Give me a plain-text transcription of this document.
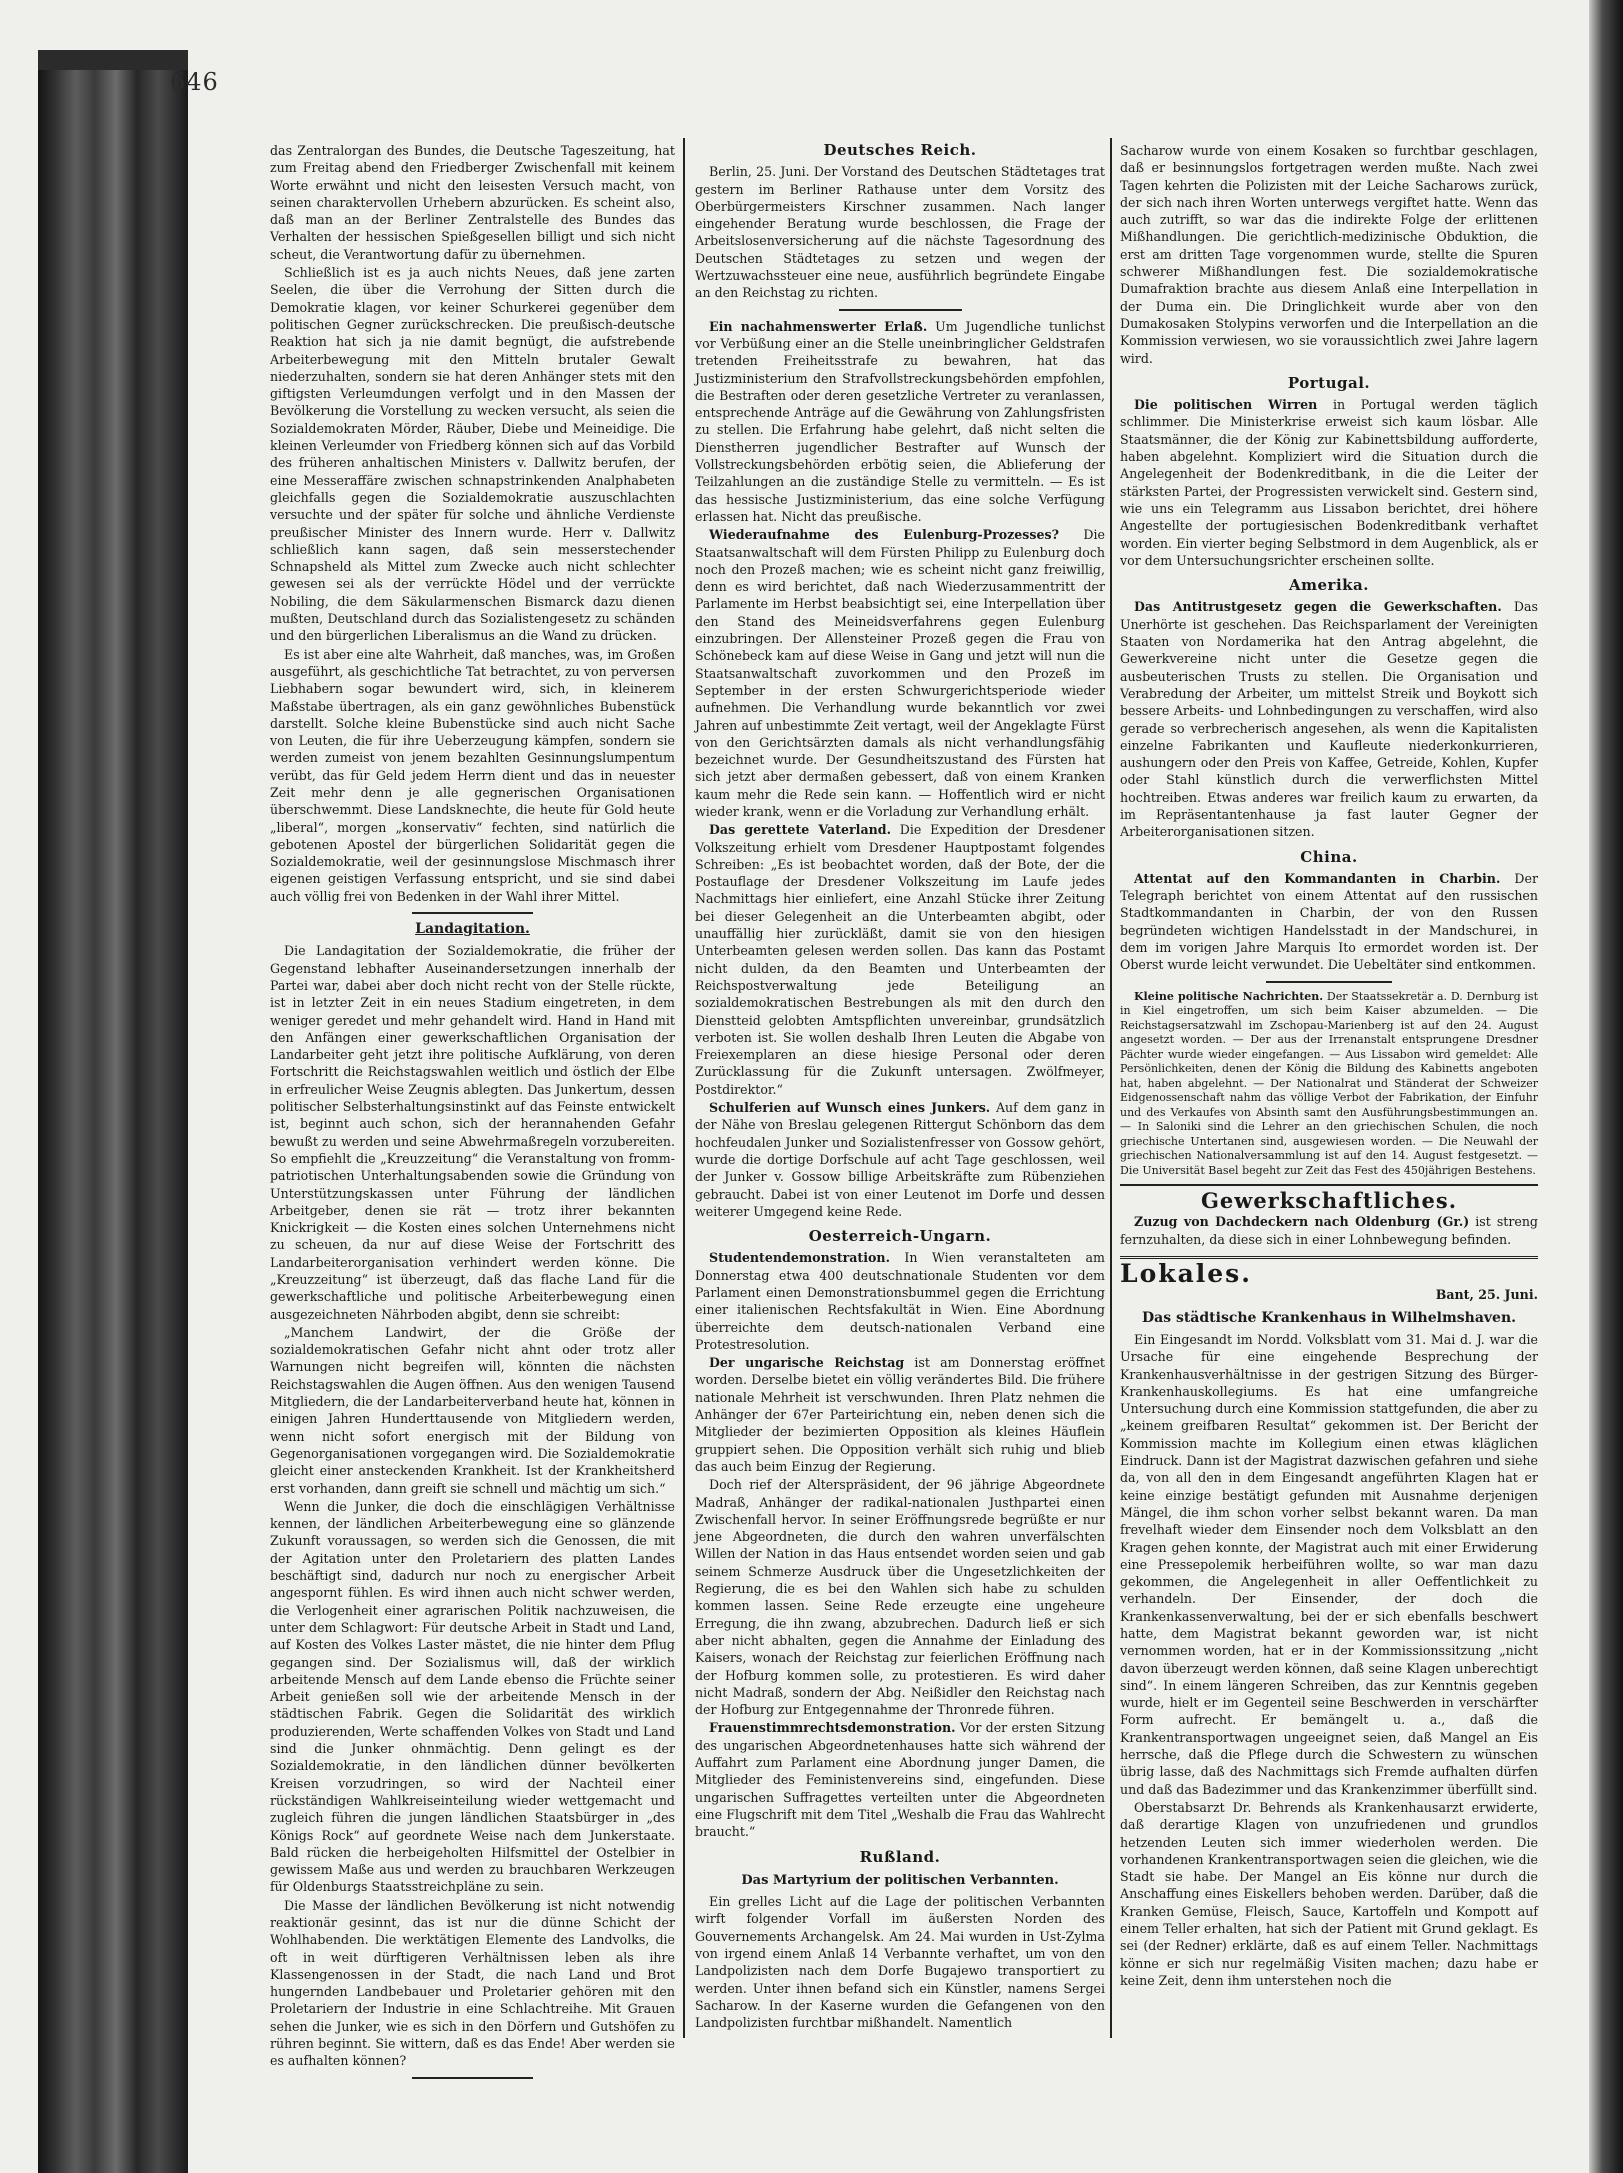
646

das Zentralorgan des Bundes, die Deutsche Tageszeitung, hat zum Freitag abend den Friedberger Zwischenfall mit keinem Worte erwähnt und nicht den leisesten Versuch macht, von seinen charaktervollen Urhebern abzurücken. Es scheint also, daß man an der Berliner Zentralstelle des Bundes das Verhalten der hessischen Spießgesellen billigt und sich nicht scheut, die Verantwortung dafür zu übernehmen.

Schließlich ist es ja auch nichts Neues, daß jene zarten Seelen, die über die Verrohung der Sitten durch die Demokratie klagen, vor keiner Schurkerei gegenüber dem politischen Gegner zurückschrecken. Die preußisch-deutsche Reaktion hat sich ja nie damit begnügt, die aufstrebende Arbeiterbewegung mit den Mitteln brutaler Gewalt niederzuhalten, sondern sie hat deren Anhänger stets mit den giftigsten Verleumdungen verfolgt und in den Massen der Bevölkerung die Vorstellung zu wecken versucht, als seien die Sozialdemokraten Mörder, Räuber, Diebe und Meineidige. Die kleinen Verleumder von Friedberg können sich auf das Vorbild des früheren anhaltischen Ministers v. Dallwitz berufen, der eine Messeraffäre zwischen schnapstrinkenden Analphabeten gleichfalls gegen die Sozialdemokratie auszuschlachten versuchte und der später für solche und ähnliche Verdienste preußischer Minister des Innern wurde. Herr v. Dallwitz schließlich kann sagen, daß sein messerstechender Schnapsheld als Mittel zum Zwecke auch nicht schlechter gewesen sei als der verrückte Hödel und der verrückte Nobiling, die dem Säkularmenschen Bismarck dazu dienen mußten, Deutschland durch das Sozialistengesetz zu schänden und den bürgerlichen Liberalismus an die Wand zu drücken.

Es ist aber eine alte Wahrheit, daß manches, was, im Großen ausgeführt, als geschichtliche Tat betrachtet, zu von perversen Liebhabern sogar bewundert wird, sich, in kleinerem Maßstabe übertragen, als ein ganz gewöhnliches Bubenstück darstellt. Solche kleine Bubenstücke sind auch nicht Sache von Leuten, die für ihre Ueberzeugung kämpfen, sondern sie werden zumeist von jenem bezahlten Gesinnungslumpentum verübt, das für Geld jedem Herrn dient und das in neuester Zeit mehr denn je alle gegnerischen Organisationen überschwemmt. Diese Landsknechte, die heute für Gold heute „liberal“, morgen „konservativ“ fechten, sind natürlich die gebotenen Apostel der bürgerlichen Solidarität gegen die Sozialdemokratie, weil der gesinnungslose Mischmasch ihrer eigenen geistigen Verfassung entspricht, und sie sind dabei auch völlig frei von Bedenken in der Wahl ihrer Mittel.

Landagitation.

Die Landagitation der Sozialdemokratie, die früher der Gegenstand lebhafter Auseinandersetzungen innerhalb der Partei war, dabei aber doch nicht recht von der Stelle rückte, ist in letzter Zeit in ein neues Stadium eingetreten, in dem weniger geredet und mehr gehandelt wird. Hand in Hand mit den Anfängen einer gewerkschaftlichen Organisation der Landarbeiter geht jetzt ihre politische Aufklärung, von deren Fortschritt die Reichstagswahlen weitlich und östlich der Elbe in erfreulicher Weise Zeugnis ablegten. Das Junkertum, dessen politischer Selbsterhaltungsinstinkt auf das Feinste entwickelt ist, beginnt auch schon, sich der herannahenden Gefahr bewußt zu werden und seine Abwehrmaßregeln vorzubereiten. So empfiehlt die „Kreuzzeitung“ die Veranstaltung von fromm-patriotischen Unterhaltungsabenden sowie die Gründung von Unterstützungskassen unter Führung der ländlichen Arbeitgeber, denen sie rät — trotz ihrer bekannten Knickrigkeit — die Kosten eines solchen Unternehmens nicht zu scheuen, da nur auf diese Weise der Fortschritt des Landarbeiterorganisation verhindert werden könne. Die „Kreuzzeitung“ ist überzeugt, daß das flache Land für die gewerkschaftliche und politische Arbeiterbewegung einen ausgezeichneten Nährboden abgibt, denn sie schreibt:

„Manchem Landwirt, der die Größe der sozialdemokratischen Gefahr nicht ahnt oder trotz aller Warnungen nicht begreifen will, könnten die nächsten Reichstagswahlen die Augen öffnen. Aus den wenigen Tausend Mitgliedern, die der Landarbeiterverband heute hat, können in einigen Jahren Hunderttausende von Mitgliedern werden, wenn nicht sofort energisch mit der Bildung von Gegenorganisationen vorgegangen wird. Die Sozialdemokratie gleicht einer ansteckenden Krankheit. Ist der Krankheitsherd erst vorhanden, dann greift sie schnell und mächtig um sich.“

Wenn die Junker, die doch die einschlägigen Verhältnisse kennen, der ländlichen Arbeiterbewegung eine so glänzende Zukunft voraussagen, so werden sich die Genossen, die mit der Agitation unter den Proletariern des platten Landes beschäftigt sind, dadurch nur noch zu energischer Arbeit angespornt fühlen. Es wird ihnen auch nicht schwer werden, die Verlogenheit einer agrarischen Politik nachzuweisen, die unter dem Schlagwort: Für deutsche Arbeit in Stadt und Land, auf Kosten des Volkes Laster mästet, die nie hinter dem Pflug gegangen sind. Der Sozialismus will, daß der wirklich arbeitende Mensch auf dem Lande ebenso die Früchte seiner Arbeit genießen soll wie der arbeitende Mensch in der städtischen Fabrik. Gegen die Solidarität des wirklich produzierenden, Werte schaffenden Volkes von Stadt und Land sind die Junker ohnmächtig. Denn gelingt es der Sozialdemokratie, in den ländlichen dünner bevölkerten Kreisen vorzudringen, so wird der Nachteil einer rückständigen Wahlkreiseinteilung wieder wettgemacht und zugleich führen die jungen ländlichen Staatsbürger in „des Königs Rock“ auf geordnete Weise nach dem Junkerstaate. Bald rücken die herbeigeholten Hilfsmittel der Ostelbier in gewissem Maße aus und werden zu brauchbaren Werkzeugen für Oldenburgs Staatsstreichpläne zu sein.

Die Masse der ländlichen Bevölkerung ist nicht notwendig reaktionär gesinnt, das ist nur die dünne Schicht der Wohlhabenden. Die werktätigen Elemente des Landvolks, die oft in weit dürftigeren Verhältnissen leben als ihre Klassengenossen in der Stadt, die nach Land und Brot hungernden Landbebauer und Proletarier gehören mit den Proletariern der Industrie in eine Schlachtreihe. Mit Grauen sehen die Junker, wie es sich in den Dörfern und Gutshöfen zu rühren beginnt. Sie wittern, daß es das Ende! Aber werden sie es aufhalten können?

Deutsches Reich.

Berlin, 25. Juni. Der Vorstand des Deutschen Städtetages trat gestern im Berliner Rathause unter dem Vorsitz des Oberbürgermeisters Kirschner zusammen. Nach langer eingehender Beratung wurde beschlossen, die Frage der Arbeitslosenversicherung auf die nächste Tagesordnung des Deutschen Städtetages zu setzen und wegen der Wertzuwachssteuer eine neue, ausführlich begründete Eingabe an den Reichstag zu richten.

Ein nachahmenswerter Erlaß. Um Jugendliche tunlichst vor Verbüßung einer an die Stelle uneinbringlicher Geldstrafen tretenden Freiheitsstrafe zu bewahren, hat das Justizministerium den Strafvollstreckungsbehörden empfohlen, die Bestraften oder deren gesetzliche Vertreter zu veranlassen, entsprechende Anträge auf die Gewährung von Zahlungsfristen zu stellen. Die Erfahrung habe gelehrt, daß nicht selten die Dienstherren jugendlicher Bestrafter auf Wunsch der Vollstreckungsbehörden erbötig seien, die Ablieferung der Teilzahlungen an die zuständige Stelle zu vermitteln. — Es ist das hessische Justizministerium, das eine solche Verfügung erlassen hat. Nicht das preußische.

Wiederaufnahme des Eulenburg-Prozesses? Die Staatsanwaltschaft will dem Fürsten Philipp zu Eulenburg doch noch den Prozeß machen; wie es scheint nicht ganz freiwillig, denn es wird berichtet, daß nach Wiederzusammentritt der Parlamente im Herbst beabsichtigt sei, eine Interpellation über den Stand des Meineidsverfahrens gegen Eulenburg einzubringen. Der Allensteiner Prozeß gegen die Frau von Schönebeck kam auf diese Weise in Gang und jetzt will nun die Staatsanwaltschaft zuvorkommen und den Prozeß im September in der ersten Schwurgerichtsperiode wieder aufnehmen. Die Verhandlung wurde bekanntlich vor zwei Jahren auf unbestimmte Zeit vertagt, weil der Angeklagte Fürst von den Gerichtsärzten damals als nicht verhandlungsfähig bezeichnet wurde. Der Gesundheitszustand des Fürsten hat sich jetzt aber dermaßen gebessert, daß von einem Kranken kaum mehr die Rede sein kann. — Hoffentlich wird er nicht wieder krank, wenn er die Vorladung zur Verhandlung erhält.

Das gerettete Vaterland. Die Expedition der Dresdener Volkszeitung erhielt vom Dresdener Hauptpostamt folgendes Schreiben: „Es ist beobachtet worden, daß der Bote, der die Postauflage der Dresdener Volkszeitung im Laufe jedes Nachmittags hier einliefert, eine Anzahl Stücke ihrer Zeitung bei dieser Gelegenheit an die Unterbeamten abgibt, oder unauffällig hier zurückläßt, damit sie von den hiesigen Unterbeamten gelesen werden sollen. Das kann das Postamt nicht dulden, da den Beamten und Unterbeamten der Reichspostverwaltung jede Beteiligung an sozialdemokratischen Bestrebungen als mit den durch den Dienstteid gelobten Amtspflichten unvereinbar, grundsätzlich verboten ist. Sie wollen deshalb Ihren Leuten die Abgabe von Freiexemplaren an diese hiesige Personal oder deren Zurücklassung für die Zukunft untersagen. Zwölfmeyer, Postdirektor.“

Schulferien auf Wunsch eines Junkers. Auf dem ganz in der Nähe von Breslau gelegenen Rittergut Schönborn das dem hochfeudalen Junker und Sozialistenfresser von Gossow gehört, wurde die dortige Dorfschule auf acht Tage geschlossen, weil der Junker v. Gossow billige Arbeitskräfte zum Rübenziehen gebraucht. Dabei ist von einer Leutenot im Dorfe und dessen weiterer Umgegend keine Rede.

Oesterreich-Ungarn.

Studentendemonstration. In Wien veranstalteten am Donnerstag etwa 400 deutschnationale Studenten vor dem Parlament einen Demonstrationsbummel gegen die Errichtung einer italienischen Rechtsfakultät in Wien. Eine Abordnung überreichte dem deutsch-nationalen Verband eine Protestresolution.

Der ungarische Reichstag ist am Donnerstag eröffnet worden. Derselbe bietet ein völlig verändertes Bild. Die frühere nationale Mehrheit ist verschwunden. Ihren Platz nehmen die Anhänger der 67er Parteirichtung ein, neben denen sich die Mitglieder der bezimierten Opposition als kleines Häuflein gruppiert sehen. Die Opposition verhält sich ruhig und blieb das auch beim Einzug der Regierung.

Doch rief der Alterspräsident, der 96 jährige Abgeordnete Madraß, Anhänger der radikal-nationalen Justhpartei einen Zwischenfall hervor. In seiner Eröffnungsrede begrüßte er nur jene Abgeordneten, die durch den wahren unverfälschten Willen der Nation in das Haus entsendet worden seien und gab seinem Schmerze Ausdruck über die Ungesetzlichkeiten der Regierung, die es bei den Wahlen sich habe zu schulden kommen lassen. Seine Rede erzeugte eine ungeheure Erregung, die ihn zwang, abzubrechen. Dadurch ließ er sich aber nicht abhalten, gegen die Annahme der Einladung des Kaisers, wonach der Reichstag zur feierlichen Eröffnung nach der Hofburg kommen solle, zu protestieren. Es wird daher nicht Madraß, sondern der Abg. Neißidler den Reichstag nach der Hofburg zur Entgegennahme der Thronrede führen.

Frauenstimmrechtsdemonstration. Vor der ersten Sitzung des ungarischen Abgeordnetenhauses hatte sich während der Auffahrt zum Parlament eine Abordnung junger Damen, die Mitglieder des Feministenvereins sind, eingefunden. Diese ungarischen Suffragettes verteilten unter die Abgeordneten eine Flugschrift mit dem Titel „Weshalb die Frau das Wahlrecht braucht.“

Rußland.
Das Martyrium der politischen Verbannten.

Ein grelles Licht auf die Lage der politischen Verbannten wirft folgender Vorfall im äußersten Norden des Gouvernements Archangelsk. Am 24. Mai wurden in Ust-Zylma von irgend einem Anlaß 14 Verbannte verhaftet, um von den Landpolizisten nach dem Dorfe Bugajewo transportiert zu werden. Unter ihnen befand sich ein Künstler, namens Sergei Sacharow. In der Kaserne wurden die Gefangenen von den Landpolizisten furchtbar mißhandelt. Namentlich

Sacharow wurde von einem Kosaken so furchtbar geschlagen, daß er besinnungslos fortgetragen werden mußte. Nach zwei Tagen kehrten die Polizisten mit der Leiche Sacharows zurück, der sich nach ihren Worten unterwegs vergiftet hatte. Wenn das auch zutrifft, so war das die indirekte Folge der erlittenen Mißhandlungen. Die gerichtlich-medizinische Obduktion, die erst am dritten Tage vorgenommen wurde, stellte die Spuren schwerer Mißhandlungen fest. Die sozialdemokratische Dumafraktion brachte aus diesem Anlaß eine Interpellation in der Duma ein. Die Dringlichkeit wurde aber von den Dumakosaken Stolypins verworfen und die Interpellation an die Kommission verwiesen, wo sie voraussichtlich zwei Jahre lagern wird.

Portugal.

Die politischen Wirren in Portugal werden täglich schlimmer. Die Ministerkrise erweist sich kaum lösbar. Alle Staatsmänner, die der König zur Kabinettsbildung aufforderte, haben abgelehnt. Kompliziert wird die Situation durch die Angelegenheit der Bodenkreditbank, in die die Leiter der stärksten Partei, der Progressisten verwickelt sind. Gestern sind, wie uns ein Telegramm aus Lissabon berichtet, drei höhere Angestellte der portugiesischen Bodenkreditbank verhaftet worden. Ein vierter beging Selbstmord in dem Augenblick, als er vor dem Untersuchungsrichter erscheinen sollte.

Amerika.

Das Antitrustgesetz gegen die Gewerkschaften. Das Unerhörte ist geschehen. Das Reichsparlament der Vereinigten Staaten von Nordamerika hat den Antrag abgelehnt, die Gewerkvereine nicht unter die Gesetze gegen die ausbeuterischen Trusts zu stellen. Die Organisation und Verabredung der Arbeiter, um mittelst Streik und Boykott sich bessere Arbeits- und Lohnbedingungen zu verschaffen, wird also gerade so verbrecherisch angesehen, als wenn die Kapitalisten einzelne Fabrikanten und Kaufleute niederkonkurrieren, aushungern oder den Preis von Kaffee, Getreide, Kohlen, Kupfer oder Stahl künstlich durch die verwerflichsten Mittel hochtreiben. Etwas anderes war freilich kaum zu erwarten, da im Repräsentantenhause ja fast lauter Gegner der Arbeiterorganisationen sitzen.

China.

Attentat auf den Kommandanten in Charbin. Der Telegraph berichtet von einem Attentat auf den russischen Stadtkommandanten in Charbin, der von den Russen begründeten wichtigen Handelsstadt in der Mandschurei, in dem im vorigen Jahre Marquis Ito ermordet worden ist. Der Oberst wurde leicht verwundet. Die Uebeltäter sind entkommen.

Kleine politische Nachrichten. Der Staatssekretär a. D. Dernburg ist in Kiel eingetroffen, um sich beim Kaiser abzumelden. — Die Reichstagsersatzwahl im Zschopau-Marienberg ist auf den 24. August angesetzt worden. — Der aus der Irrenanstalt entsprungene Dresdner Pächter wurde wieder eingefangen. — Aus Lissabon wird gemeldet: Alle Persönlichkeiten, denen der König die Bildung des Kabinetts angeboten hat, haben abgelehnt. — Der Nationalrat und Ständerat der Schweizer Eidgenossenschaft nahm das völlige Verbot der Fabrikation, der Einfuhr und des Verkaufes von Absinth samt den Ausführungsbestimmungen an. — In Saloniki sind die Lehrer an den griechischen Schulen, die noch griechische Untertanen sind, ausgewiesen worden. — Die Neuwahl der griechischen Nationalversammlung ist auf den 14. August festgesetzt. — Die Universität Basel begeht zur Zeit das Fest des 450jährigen Bestehens.

Gewerkschaftliches.

Zuzug von Dachdeckern nach Oldenburg (Gr.) ist streng fernzuhalten, da diese sich in einer Lohnbewegung befinden.

Lokales.

Bant, 25. Juni.

Das städtische Krankenhaus in Wilhelmshaven.

Ein Eingesandt im Nordd. Volksblatt vom 31. Mai d. J. war die Ursache für eine eingehende Besprechung der Krankenhausverhältnisse in der gestrigen Sitzung des Bürger-Krankenhauskollegiums. Es hat eine umfangreiche Untersuchung durch eine Kommission stattgefunden, die aber zu „keinem greifbaren Resultat“ gekommen ist. Der Bericht der Kommission machte im Kollegium einen etwas kläglichen Eindruck. Dann ist der Magistrat dazwischen gefahren und siehe da, von all den in dem Eingesandt angeführten Klagen hat er keine einzige bestätigt gefunden mit Ausnahme derjenigen Mängel, die ihm schon vorher selbst bekannt waren. Da man frevelhaft wieder dem Einsender noch dem Volksblatt an den Kragen gehen konnte, der Magistrat auch mit einer Erwiderung eine Pressepolemik herbeiführen wollte, so war man dazu gekommen, die Angelegenheit in aller Oeffentlichkeit zu verhandeln. Der Einsender, der doch die Krankenkassenverwaltung, bei der er sich ebenfalls beschwert hatte, dem Magistrat bekannt geworden war, ist nicht vernommen worden, hat er in der Kommissionssitzung „nicht davon überzeugt werden können, daß seine Klagen unberechtigt sind“. In einem längeren Schreiben, das zur Kenntnis gegeben wurde, hielt er im Gegenteil seine Beschwerden in verschärfter Form aufrecht. Er bemängelt u. a., daß die Krankentransportwagen ungeeignet seien, daß Mangel an Eis herrsche, daß die Pflege durch die Schwestern zu wünschen übrig lasse, daß des Nachmittags sich Fremde aufhalten dürfen und daß das Badezimmer und das Krankenzimmer überfüllt sind.

Oberstabsarzt Dr. Behrends als Krankenhausarzt erwiderte, daß derartige Klagen von unzufriedenen und grundlos hetzenden Leuten sich immer wiederholen werden. Die vorhandenen Krankentransportwagen seien die gleichen, wie die Stadt sie habe. Der Mangel an Eis könne nur durch die Anschaffung eines Eiskellers behoben werden. Darüber, daß die Kranken Gemüse, Fleisch, Sauce, Kartoffeln und Kompott auf einem Teller erhalten, hat sich der Patient mit Grund geklagt. Es sei (der Redner) erklärte, daß es auf einem Teller. Nachmittags könne er sich nur regelmäßig Visiten machen; dazu habe er keine Zeit, denn ihm unterstehen noch die
